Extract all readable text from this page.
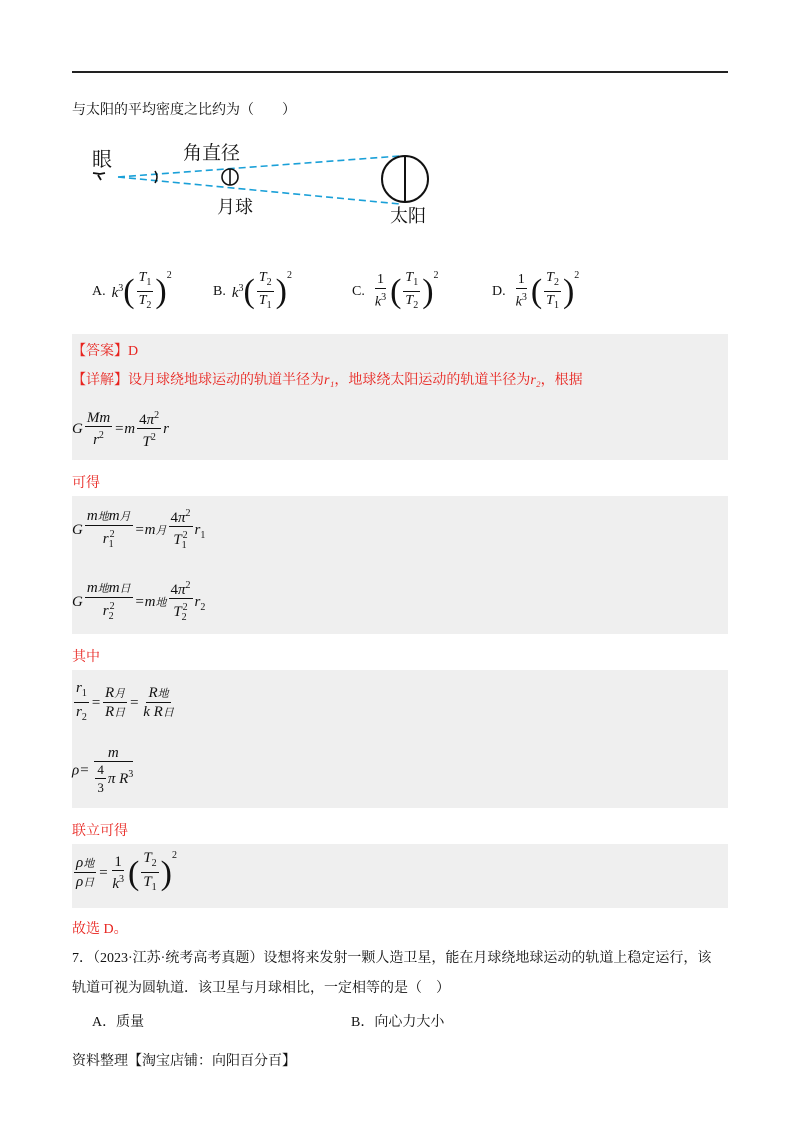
与太阳的平均密度之比约为（　　）
眼	角直径
月球	太阳
A. $k^3$ ( $\frac{T_1}{T_2} )^2$
B. $k^3$ ( $\frac{T_2}{T_1} )^2$
C. $\frac{1}{k^3}$ ( $\frac{T_1}{T_2} )^2$
D. $\frac{1}{k^3}$ ( $\frac{T_2}{T_1} )^2$
【答案】D
【详解】设月球绕地球运动的轨道半径为r₁，地球绕太阳运动的轨道半径为r₂，根据
G $\frac{Mm}{r^2} =m \frac{4\pi^2}{T^2}$ r
可得
G $\frac{\text{m地m月}}{r_1^2} =m$月 $\frac{4\pi^2}{T_1^2} r_1$
G $\frac{\text{m地m日}}{r_2^2} =m$地 $\frac{4\pi^2}{T_2^2} r_2$
其中
$\frac{r_1}{r_2} = \frac{\text{R月}}{\text{R日}} = \frac{\text{R地}}{\text{k R日}}$
$\rho= \frac{m}{\frac{4}{3} \pi R^3}$
联立可得
$\frac{\text{ρ地}}{\text{ρ日}} = \frac{1}{k^3}$ ( $\frac{T_2}{T_1} )^2$
故选 D。
7．（2023·江苏·统考高考真题）设想将来发射一颗人造卫星，能在月球绕地球运动的轨道上稳定运行，该
轨道可视为圆轨道．该卫星与月球相比，一定相等的是（　）
A．质量	B．向心力大小
资料整理【淘宝店铺：向阳百分百】
